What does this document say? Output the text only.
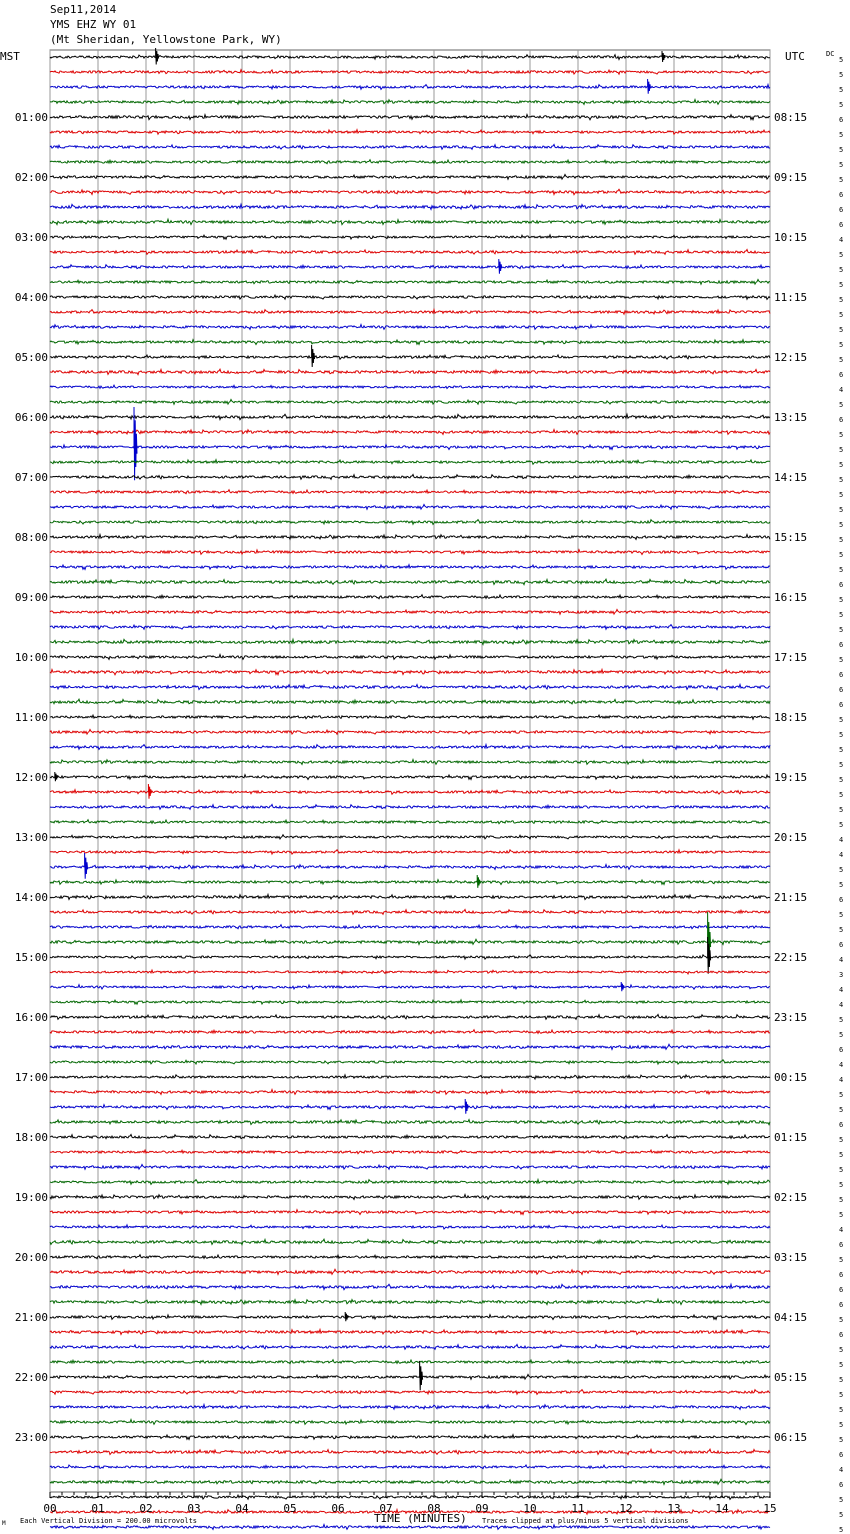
Sep11,2014
YMS EHZ WY 01
(Mt Sheridan, Yellowstone Park, WY)
MST	UTC	DC
TIME (MINUTES)
Each Vertical Division = 200.00 microvolts	Traces clipped at plus/minus 5 vertical divisions
M
00	01	02	03	04	05	06	07	08	09	10	11	12	13	14	15
5
5
5
5
6
5
5
5
5
6
6
6
4
5
5
5
5
5
5
5
5
6
4
5
6
5
5
5
5
5
5
5
5
5
5
6
5
5
5
6
5
6
6
6
5
5
5
5
5
5
5
5
4
4
5
5
6
5
5
6
4
3
4
4
5
5
6
4
4
5
5
6
5
5
5
5
5
5
4
6
5
6
6
6
5
6
5
5
5
5
5
5
5
6
4
6
5
5
5
01:00
02:00
03:00
04:00
05:00
06:00
07:00
08:00
09:00
10:00
11:00
12:00
13:00
14:00
15:00
16:00
17:00
18:00
19:00
20:00
21:00
22:00
23:00
08:15
09:15
10:15
11:15
12:15
13:15
14:15
15:15
16:15
17:15
18:15
19:15
20:15
21:15
22:15
23:15
00:15
01:15
02:15
03:15
04:15
05:15
06:15
